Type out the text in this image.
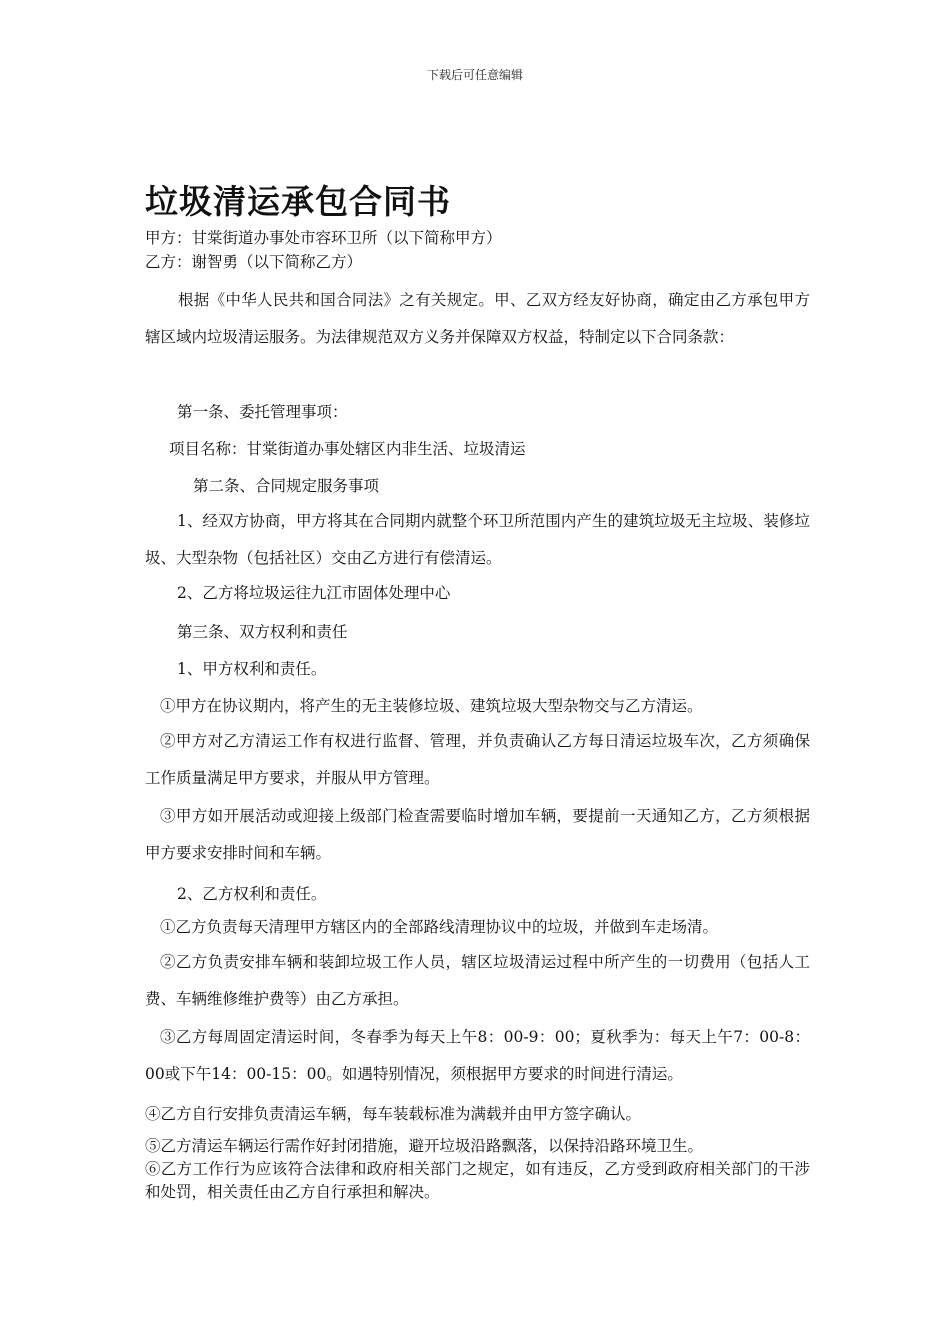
下载后可任意编辑
垃圾清运承包合同书
甲方：甘棠街道办事处市容环卫所（以下简称甲方）
乙方：谢智勇（以下简称乙方）
根据《中华人民共和国合同法》之有关规定。甲、乙双方经友好协商，确定由乙方承包甲方辖区域内垃圾清运服务。为法律规范双方义务并保障双方权益，特制定以下合同条款：
第一条、委托管理事项：
项目名称：甘棠街道办事处辖区内非生活、垃圾清运
第二条、合同规定服务事项
1、经双方协商，甲方将其在合同期内就整个环卫所范围内产生的建筑垃圾无主垃圾、装修垃圾、大型杂物（包括社区）交由乙方进行有偿清运。
2、乙方将垃圾运往九江市固体处理中心
第三条、双方权利和责任
1、甲方权利和责任。
①甲方在协议期内，将产生的无主装修垃圾、建筑垃圾大型杂物交与乙方清运。
②甲方对乙方清运工作有权进行监督、管理，并负责确认乙方每日清运垃圾车次，乙方须确保工作质量满足甲方要求，并服从甲方管理。
③甲方如开展活动或迎接上级部门检查需要临时增加车辆，要提前一天通知乙方，乙方须根据甲方要求安排时间和车辆。
2、乙方权利和责任。
①乙方负责每天清理甲方辖区内的全部路线清理协议中的垃圾，并做到车走场清。
②乙方负责安排车辆和装卸垃圾工作人员，辖区垃圾清运过程中所产生的一切费用（包括人工费、车辆维修维护费等）由乙方承担。
③乙方每周固定清运时间，冬春季为每天上午8：00-9：00；夏秋季为：每天上午7：00-8：00或下午14：00-15：00。如遇特别情况，须根据甲方要求的时间进行清运。
④乙方自行安排负责清运车辆，每车装载标准为满载并由甲方签字确认。
⑤乙方清运车辆运行需作好封闭措施，避开垃圾沿路飘落，以保持沿路环境卫生。
⑥乙方工作行为应该符合法律和政府相关部门之规定，如有违反，乙方受到政府相关部门的干涉和处罚，相关责任由乙方自行承担和解决。
